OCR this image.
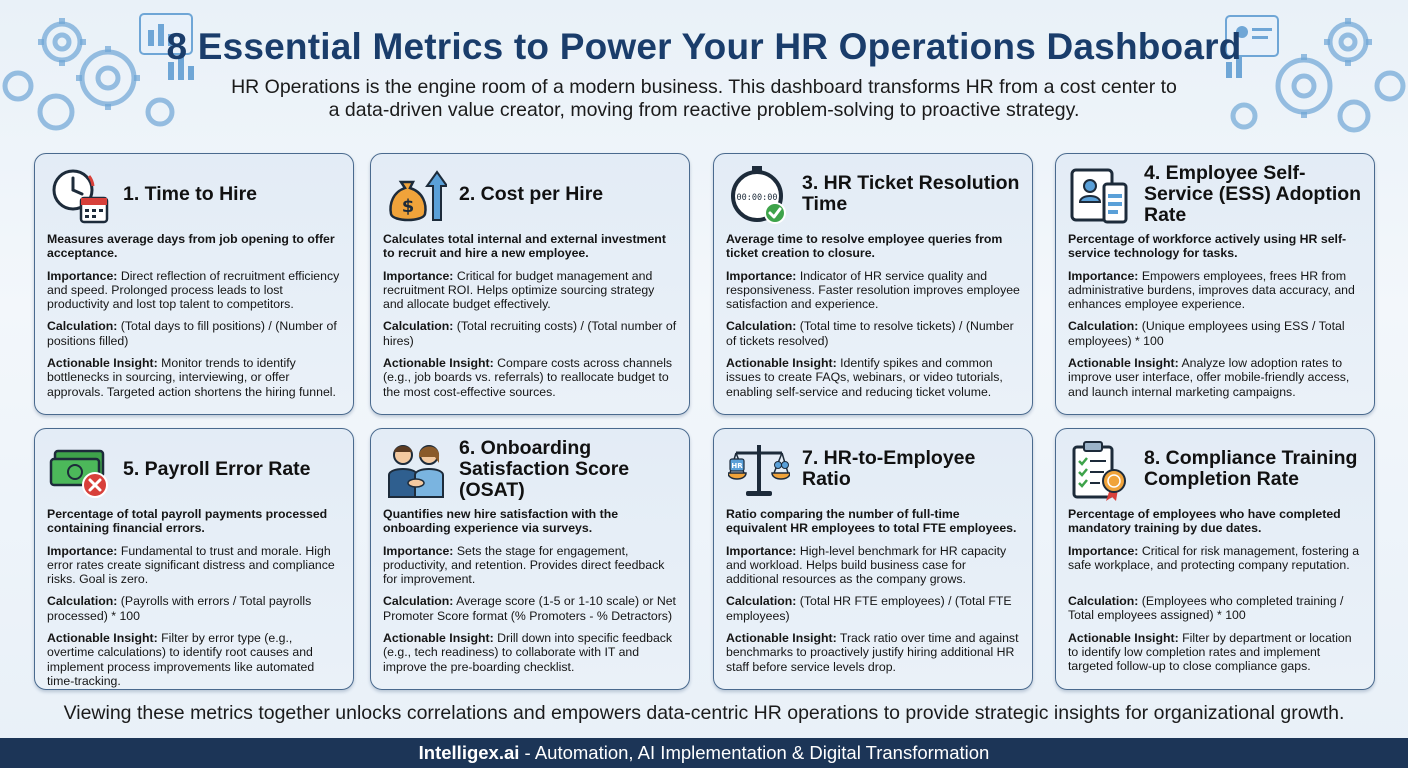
8 Essential Metrics to Power Your HR Operations Dashboard

HR Operations is the engine room of a modern business. This dashboard transforms HR from a cost center to a data-driven value creator, moving from reactive problem-solving to proactive strategy.

1. Time to Hire

Measures average days from job opening to offer acceptance.

Importance: Direct reflection of recruitment efficiency and speed. Prolonged process leads to lost productivity and lost top talent to competitors.

Calculation: (Total days to fill positions) / (Number of positions filled)

Actionable Insight: Monitor trends to identify bottlenecks in sourcing, interviewing, or offer approvals. Targeted action shortens the hiring funnel.

$
2. Cost per Hire

Calculates total internal and external investment to recruit and hire a new employee.

Importance: Critical for budget management and recruitment ROI. Helps optimize sourcing strategy and allocate budget effectively.

Calculation: (Total recruiting costs) / (Total number of hires)

Actionable Insight: Compare costs across channels (e.g., job boards vs. referrals) to reallocate budget to the most cost-effective sources.

00:00:00
3. HR Ticket Resolution Time

Average time to resolve employee queries from ticket creation to closure.

Importance: Indicator of HR service quality and responsiveness. Faster resolution improves employee satisfaction and experience.

Calculation: (Total time to resolve tickets) / (Number of tickets resolved)

Actionable Insight: Identify spikes and common issues to create FAQs, webinars, or video tutorials, enabling self-service and reducing ticket volume.

4. Employee Self-Service (ESS) Adoption Rate

Percentage of workforce actively using HR self-service technology for tasks.

Importance: Empowers employees, frees HR from administrative burdens, improves data accuracy, and enhances employee experience.

Calculation: (Unique employees using ESS / Total employees) * 100

Actionable Insight: Analyze low adoption rates to improve user interface, offer mobile-friendly access, and launch internal marketing campaigns.

5. Payroll Error Rate

Percentage of total payroll payments processed containing financial errors.

Importance: Fundamental to trust and morale. High error rates create significant distress and compliance risks. Goal is zero.

Calculation: (Payrolls with errors / Total payrolls processed) * 100

Actionable Insight: Filter by error type (e.g., overtime calculations) to identify root causes and implement process improvements like automated time-tracking.

6. Onboarding Satisfaction Score (OSAT)

Quantifies new hire satisfaction with the onboarding experience via surveys.

Importance: Sets the stage for engagement, productivity, and retention. Provides direct feedback for improvement.

Calculation: Average score (1-5 or 1-10 scale) or Net Promoter Score format (% Promoters - % Detractors)

Actionable Insight: Drill down into specific feedback (e.g., tech readiness) to collaborate with IT and improve the pre-boarding checklist.

HR	7. HR-to-Employee Ratio

Ratio comparing the number of full-time equivalent HR employees to total FTE employees.

Importance: High-level benchmark for HR capacity and workload. Helps build business case for additional resources as the company grows.

Calculation: (Total HR FTE employees) / (Total FTE employees)

Actionable Insight: Track ratio over time and against benchmarks to proactively justify hiring additional HR staff before service levels drop.

8. Compliance Training Completion Rate

Percentage of employees who have completed mandatory training by due dates.

Importance: Critical for risk management, fostering a safe workplace, and protecting company reputation.

Calculation: (Employees who completed training / Total employees assigned) * 100

Actionable Insight: Filter by department or location to identify low completion rates and implement targeted follow-up to close compliance gaps.

Viewing these metrics together unlocks correlations and empowers data-centric HR operations to provide strategic insights for organizational growth.

Intelligex.ai - Automation, AI Implementation & Digital Transformation
